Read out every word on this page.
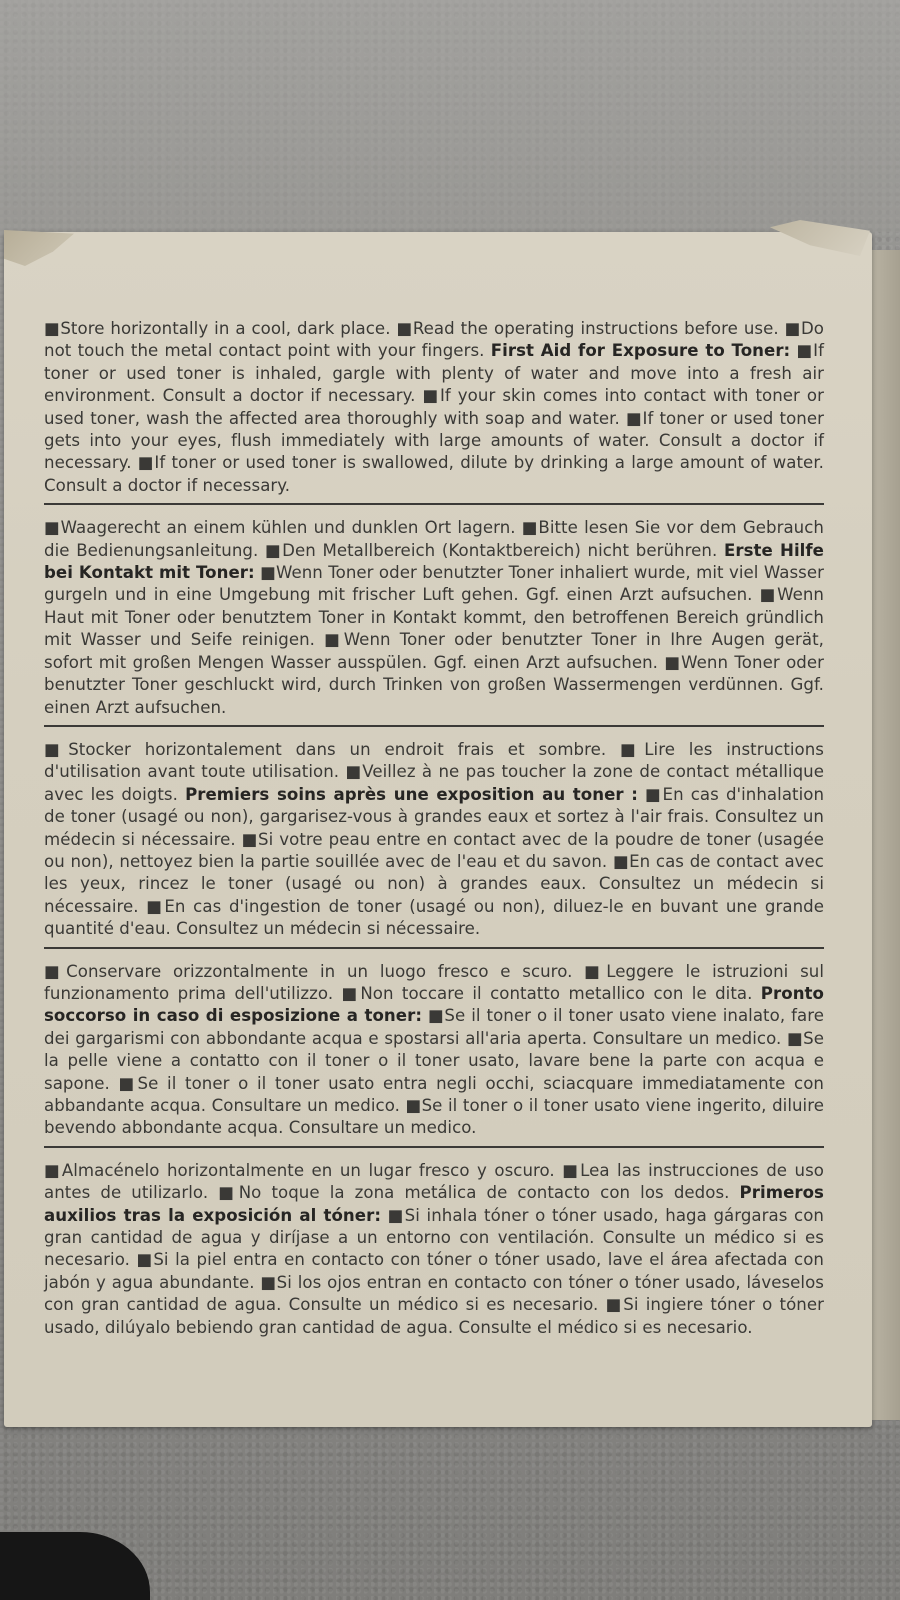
■Store horizontally in a cool, dark place. ■Read the operating instructions before use. ■Do not touch the metal contact point with your fingers. First Aid for Exposure to Toner: ■If toner or used toner is inhaled, gargle with plenty of water and move into a fresh air environment. Consult a doctor if necessary. ■If your skin comes into contact with toner or used toner, wash the affected area thoroughly with soap and water. ■If toner or used toner gets into your eyes, flush immediately with large amounts of water. Consult a doctor if necessary. ■If toner or used toner is swallowed, dilute by drinking a large amount of water. Consult a doctor if necessary.

■Waagerecht an einem kühlen und dunklen Ort lagern. ■Bitte lesen Sie vor dem Gebrauch die Bedienungsanleitung. ■Den Metallbereich (Kontaktbereich) nicht berühren. Erste Hilfe bei Kontakt mit Toner: ■Wenn Toner oder benutzter Toner inhaliert wurde, mit viel Wasser gurgeln und in eine Umgebung mit frischer Luft gehen. Ggf. einen Arzt aufsuchen. ■Wenn Haut mit Toner oder benutztem Toner in Kontakt kommt, den betroffenen Bereich gründlich mit Wasser und Seife reinigen. ■Wenn Toner oder benutzter Toner in Ihre Augen gerät, sofort mit großen Mengen Wasser ausspülen. Ggf. einen Arzt aufsuchen. ■Wenn Toner oder benutzter Toner geschluckt wird, durch Trinken von großen Wassermengen verdünnen. Ggf. einen Arzt aufsuchen.

■Stocker horizontalement dans un endroit frais et sombre. ■Lire les instructions d'utilisation avant toute utilisation. ■Veillez à ne pas toucher la zone de contact métallique avec les doigts. Premiers soins après une exposition au toner : ■En cas d'inhalation de toner (usagé ou non), gargarisez-vous à grandes eaux et sortez à l'air frais. Consultez un médecin si nécessaire. ■Si votre peau entre en contact avec de la poudre de toner (usagée ou non), nettoyez bien la partie souillée avec de l'eau et du savon. ■En cas de contact avec les yeux, rincez le toner (usagé ou non) à grandes eaux. Consultez un médecin si nécessaire. ■En cas d'ingestion de toner (usagé ou non), diluez-le en buvant une grande quantité d'eau. Consultez un médecin si nécessaire.

■Conservare orizzontalmente in un luogo fresco e scuro. ■Leggere le istruzioni sul funzionamento prima dell'utilizzo. ■Non toccare il contatto metallico con le dita. Pronto soccorso in caso di esposizione a toner: ■Se il toner o il toner usato viene inalato, fare dei gargarismi con abbondante acqua e spostarsi all'aria aperta. Consultare un medico. ■Se la pelle viene a contatto con il toner o il toner usato, lavare bene la parte con acqua e sapone. ■Se il toner o il toner usato entra negli occhi, sciacquare immediatamente con abbandante acqua. Consultare un medico. ■Se il toner o il toner usato viene ingerito, diluire bevendo abbondante acqua. Consultare un medico.

■Almacénelo horizontalmente en un lugar fresco y oscuro. ■Lea las instrucciones de uso antes de utilizarlo. ■No toque la zona metálica de contacto con los dedos. Primeros auxilios tras la exposición al tóner: ■Si inhala tóner o tóner usado, haga gárgaras con gran cantidad de agua y diríjase a un entorno con ventilación. Consulte un médico si es necesario. ■Si la piel entra en contacto con tóner o tóner usado, lave el área afectada con jabón y agua abundante. ■Si los ojos entran en contacto con tóner o tóner usado, láveselos con gran cantidad de agua. Consulte un médico si es necesario. ■Si ingiere tóner o tóner usado, dilúyalo bebiendo gran cantidad de agua. Consulte el médico si es necesario.
